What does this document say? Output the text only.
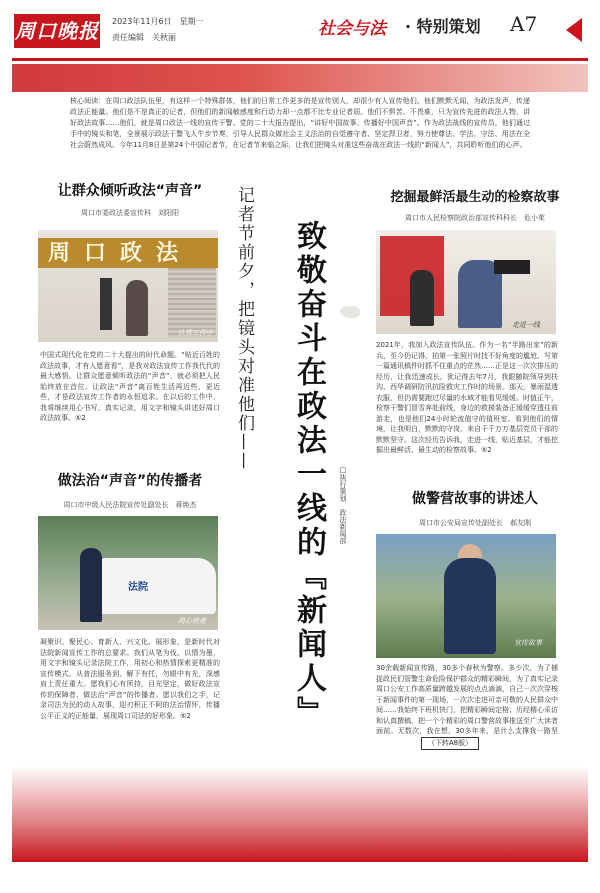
周口晚报 2023年11月6日　星期一
责任编辑　关秋丽	社会与法 · 特别策划 A7
核心阅读：在周口政法队伍里，有这样一个特殊群体，他们的日常工作更多的是宣传别人，却很少有人宣传他们。他们默默无闻，为政法发声，传递政法正能量。他们是不是真正的记者，但他们的新闻敏感度和行动力却一点都不比专业记者弱。他们不惧苦、不畏难，只为宣传先进的政法人物、讲好政法故事……他们，就是周口政法一线的宣传干警。党的二十大报告提出，“讲好中国故事、传播好中国声音”。作为政法战线的宣传员，他们通过手中的镜头和笔，全景展示政法干警飞人牛步节奏，引导人民群众做社会主义法治的自觉遵守者、坚定捍卫者，努力使尊法、学法、守法、用法在全社会蔚然成风。今年11月8日是第24个中国记者节，在记者节来临之际，让我们把镜头对准这些奋战在政法一线的“新闻人”，共同聆听他们的心声。
让群众倾听政法“声音”
周口市委政法委宣传科　刘阳阳
周口政法
认真工作中
中国式现代化在党的二十大提出的时代命题。“贴近百姓的政法故事，才有人愿意看”，是我对政法宣传工作我代代的最大感悟。让群众愿意倾听政法的“声音”，就必须把人民始终放在首位。让政法“声音”离百姓生活再近些、更近些，才是政法宣传工作者的永恒追求。在以后的工作中，我将继续用心书写、真实记录，用文字和镜头讲述好周口政法故事。⑤2
做法治“声音”的传播者
周口市中级人民法院宣传处副处长　蒋焕杰
法院
周心使者
凝聚识、聚民心、育新人、兴文化、展形象，是新时代对法院新闻宣传工作的总要求。我们从笔为伐、以情为墨，用文字和镜头记录法院工作，用初心和热情探索更精准的宣传模式。从普法服务到、解下有托，勿眼中有光，深感肩上责任重大。愿我们心有所持，目光坚定，做好政法宣传的保障者、做法治“声音”的传播者。愿以我们之手，记录司法为民的动人故事，迎刃积正不阿的法治情怀，传播公平正义的正能量，展现周口司法的好形象。⑤2
记者节前夕，把镜头对准他们—— 致敬奋斗在政法一线的『新闻人』	□执行策划　政法新闻部
挖掘最鲜活最生动的检察故事
周口市人民检察院政治部宣传科科长　危小茱
走进一线
2021年，我加入政法宣传队伍。作为一名“半路出家”的新兵，至今仍记得，拍第一张照片时找不好角度的尴尬、写第一篇通讯稿件时抓不住重点的茫然……正是这一次次排压的经历，让我迅速成长。犹记得去年7月，我跟随院领导到扶沟、西华调研防汛抗险救灾工作时的场景。那天，暴雨湿透衣服，但仍需要跑过尽量的水域才能看见缓缓。时值正午，检察干警们冒雪奔赴前线，身边的救援装备正缓缓穿透往前游走，也是他们24小时轮流值守的值班室。看到他们的情境，让我明白，默默的守岗，来自千千万万基层党员干部的默默坚守。这次经历告诉我，走进一线，贴近基层，才能挖掘出最鲜活、最生动的检察故事。⑤2
做警营故事的讲述人
周口市公安局宣传处副处长　郝友刚
宣传故事
30余载新闻宣传路，30多个春秋为警察。多少次，为了捕捉政民们管警生命危险保护群众的精彩瞬间，为了真实记录周口公安工作高质量跨越发展的点点滴滴，自己一次次穿梭于新闻事件的第一现场，一次次走进可亲可敬的人民群众中间……我始终下班机快门，把精彩瞬间定格；历经精心采访和认真撰稿，把一个个精彩的周口警营故事推送至广大读者面前。无数次，我在想，30多年来，是什么支撑我一路坚
（下转A8版）
